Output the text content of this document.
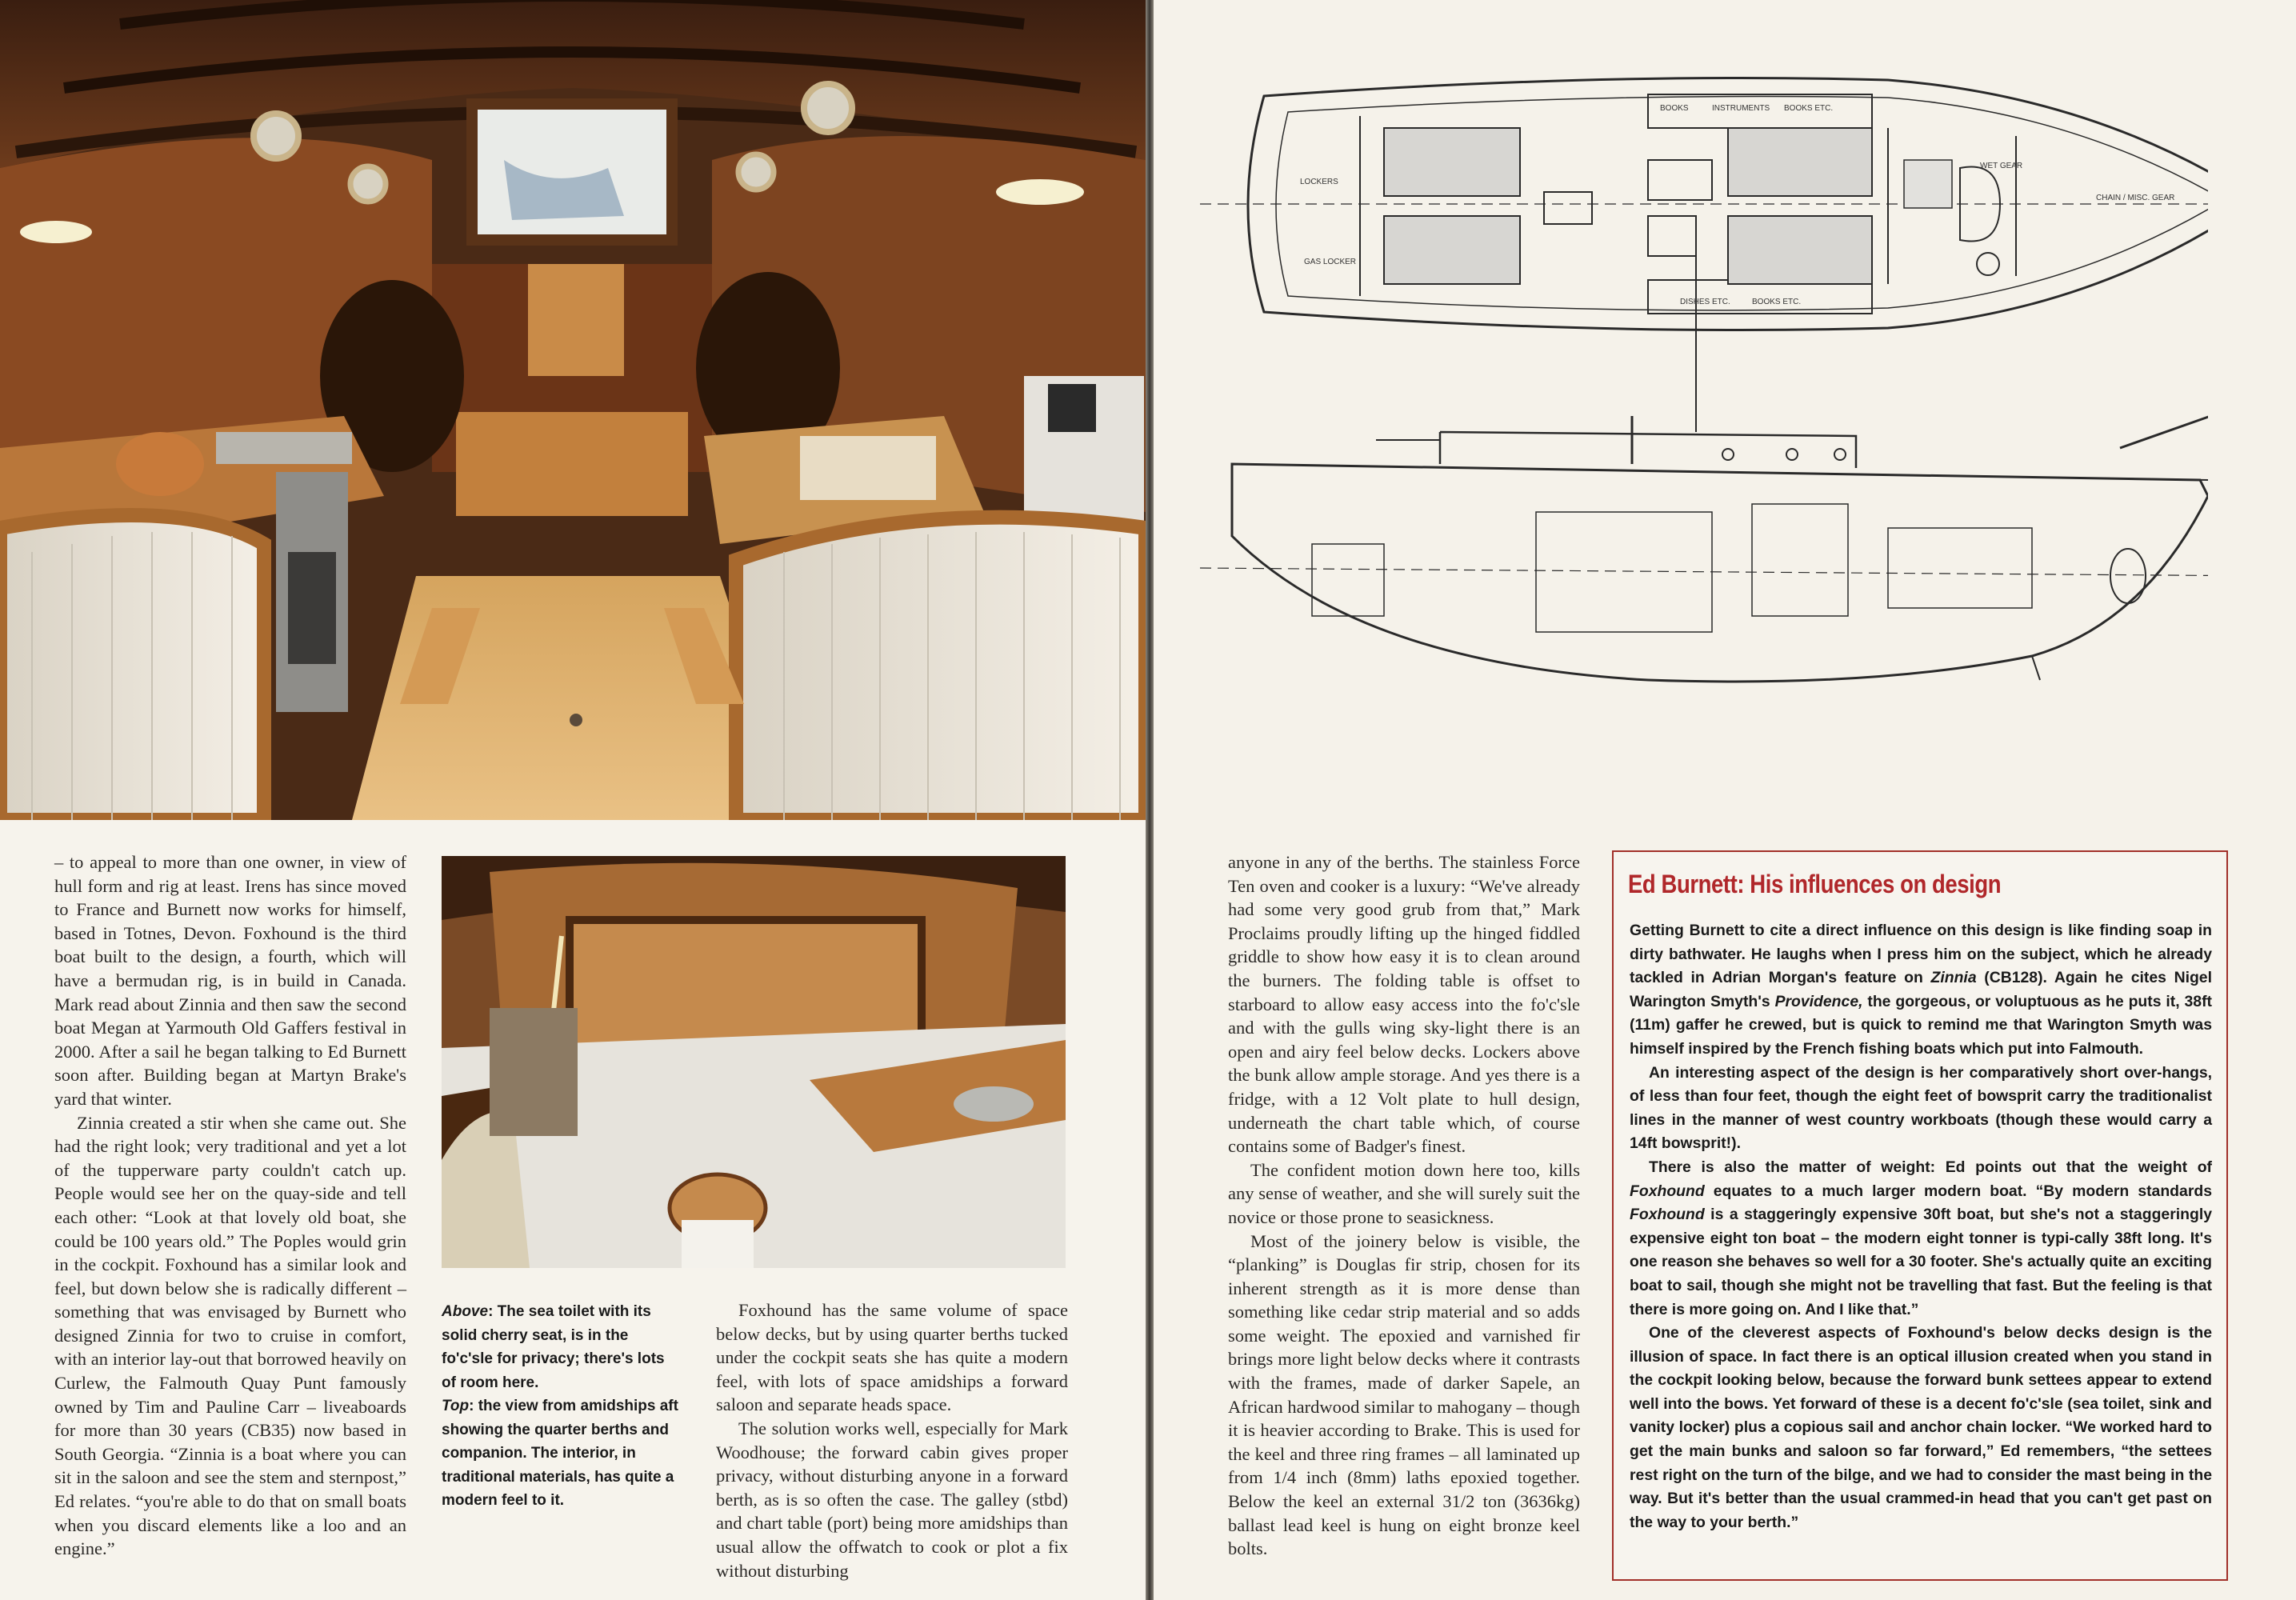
– to appeal to more than one owner, in view of hull form and rig at least. Irens has since moved to France and Burnett now works for himself, based in Totnes, Devon. Foxhound is the third boat built to the design, a fourth, which will have a bermudan rig, is in build in Canada. Mark read about Zinnia and then saw the second boat Megan at Yarmouth Old Gaffers festival in 2000. After a sail he began talking to Ed Burnett soon after. Building began at Martyn Brake's yard that winter.

Zinnia created a stir when she came out. She had the right look; very traditional and yet a lot of the tupperware party couldn't catch up. People would see her on the quay-side and tell each other: “Look at that lovely old boat, she could be 100 years old.” The Poples would grin in the cockpit. Foxhound has a similar look and feel, but down below she is radically different – something that was envisaged by Burnett who designed Zinnia for two to cruise in comfort, with an interior lay-out that borrowed heavily on Curlew, the Falmouth Quay Punt famously owned by Tim and Pauline Carr – liveaboards for more than 30 years (CB35) now based in South Georgia. “Zinnia is a boat where you can sit in the saloon and see the stem and sternpost,” Ed relates. “you're able to do that on small boats when you discard elements like a loo and an engine.”

Above: The sea toilet with its solid cherry seat, is in the fo'c'sle for privacy; there's lots of room here.
Top: the view from amidships aft showing the quarter berths and companion. The interior, in traditional materials, has quite a modern feel to it.

Foxhound has the same volume of space below decks, but by using quarter berths tucked under the cockpit seats she has quite a modern feel, with lots of space amidships a forward saloon and separate heads space.

The solution works well, especially for Mark Woodhouse; the forward cabin gives proper privacy, without disturbing anyone in a forward berth, as is so often the case. The galley (stbd) and chart table (port) being more amidships than usual allow the offwatch to cook or plot a fix without disturbing

BOOKS	INSTRUMENTS BOOKS ETC.
LOCKERS
WET GEAR
CHAIN / MISC. GEAR
GAS LOCKER
DISHES ETC.	BOOKS ETC.

anyone in any of the berths. The stainless Force Ten oven and cooker is a luxury: “We've already had some very good grub from that,” Mark Proclaims proudly lifting up the hinged fiddled griddle to show how easy it is to clean around the burners. The folding table is offset to starboard to allow easy access into the fo'c'sle and with the gulls wing sky-light there is an open and airy feel below decks. Lockers above the bunk allow ample storage. And yes there is a fridge, with a 12 Volt plate to hull design, underneath the chart table which, of course contains some of Badger's finest.

The confident motion down here too, kills any sense of weather, and she will surely suit the novice or those prone to seasickness.

Most of the joinery below is visible, the “planking” is Douglas fir strip, chosen for its inherent strength as it is more dense than something like cedar strip material and so adds some weight. The epoxied and varnished fir brings more light below decks where it contrasts with the frames, made of darker Sapele, an African hardwood similar to mahogany – though it is heavier according to Brake. This is used for the keel and three ring frames – all laminated up from 1/4 inch (8mm) laths epoxied together. Below the keel an external 31/2 ton (3636kg) ballast lead keel is hung on eight bronze keel bolts.

Ed Burnett: His influences on design

Getting Burnett to cite a direct influence on this design is like finding soap in dirty bathwater. He laughs when I press him on the subject, which he already tackled in Adrian Morgan's feature on Zinnia (CB128). Again he cites Nigel Warington Smyth's Providence, the gorgeous, or voluptuous as he puts it, 38ft (11m) gaffer he crewed, but is quick to remind me that Warington Smyth was himself inspired by the French fishing boats which put into Falmouth.

An interesting aspect of the design is her comparatively short over-hangs, of less than four feet, though the eight feet of bowsprit carry the traditionalist lines in the manner of west country workboats (though these would carry a 14ft bowsprit!).

There is also the matter of weight: Ed points out that the weight of Foxhound equates to a much larger modern boat. “By modern standards Foxhound is a staggeringly expensive 30ft boat, but she's not a staggeringly expensive eight ton boat – the modern eight tonner is typi-cally 38ft long. It's one reason she behaves so well for a 30 footer. She's actually quite an exciting boat to sail, though she might not be travelling that fast. But the feeling is that there is more going on. And I like that.”

One of the cleverest aspects of Foxhound's below decks design is the illusion of space. In fact there is an optical illusion created when you stand in the cockpit looking below, because the forward bunk settees appear to extend well into the bows. Yet forward of these is a decent fo'c'sle (sea toilet, sink and vanity locker) plus a copious sail and anchor chain locker. “We worked hard to get the main bunks and saloon so far forward,” Ed remembers, “the settees rest right on the turn of the bilge, and we had to consider the mast being in the way. But it's better than the usual crammed-in head that you can't get past on the way to your berth.”
